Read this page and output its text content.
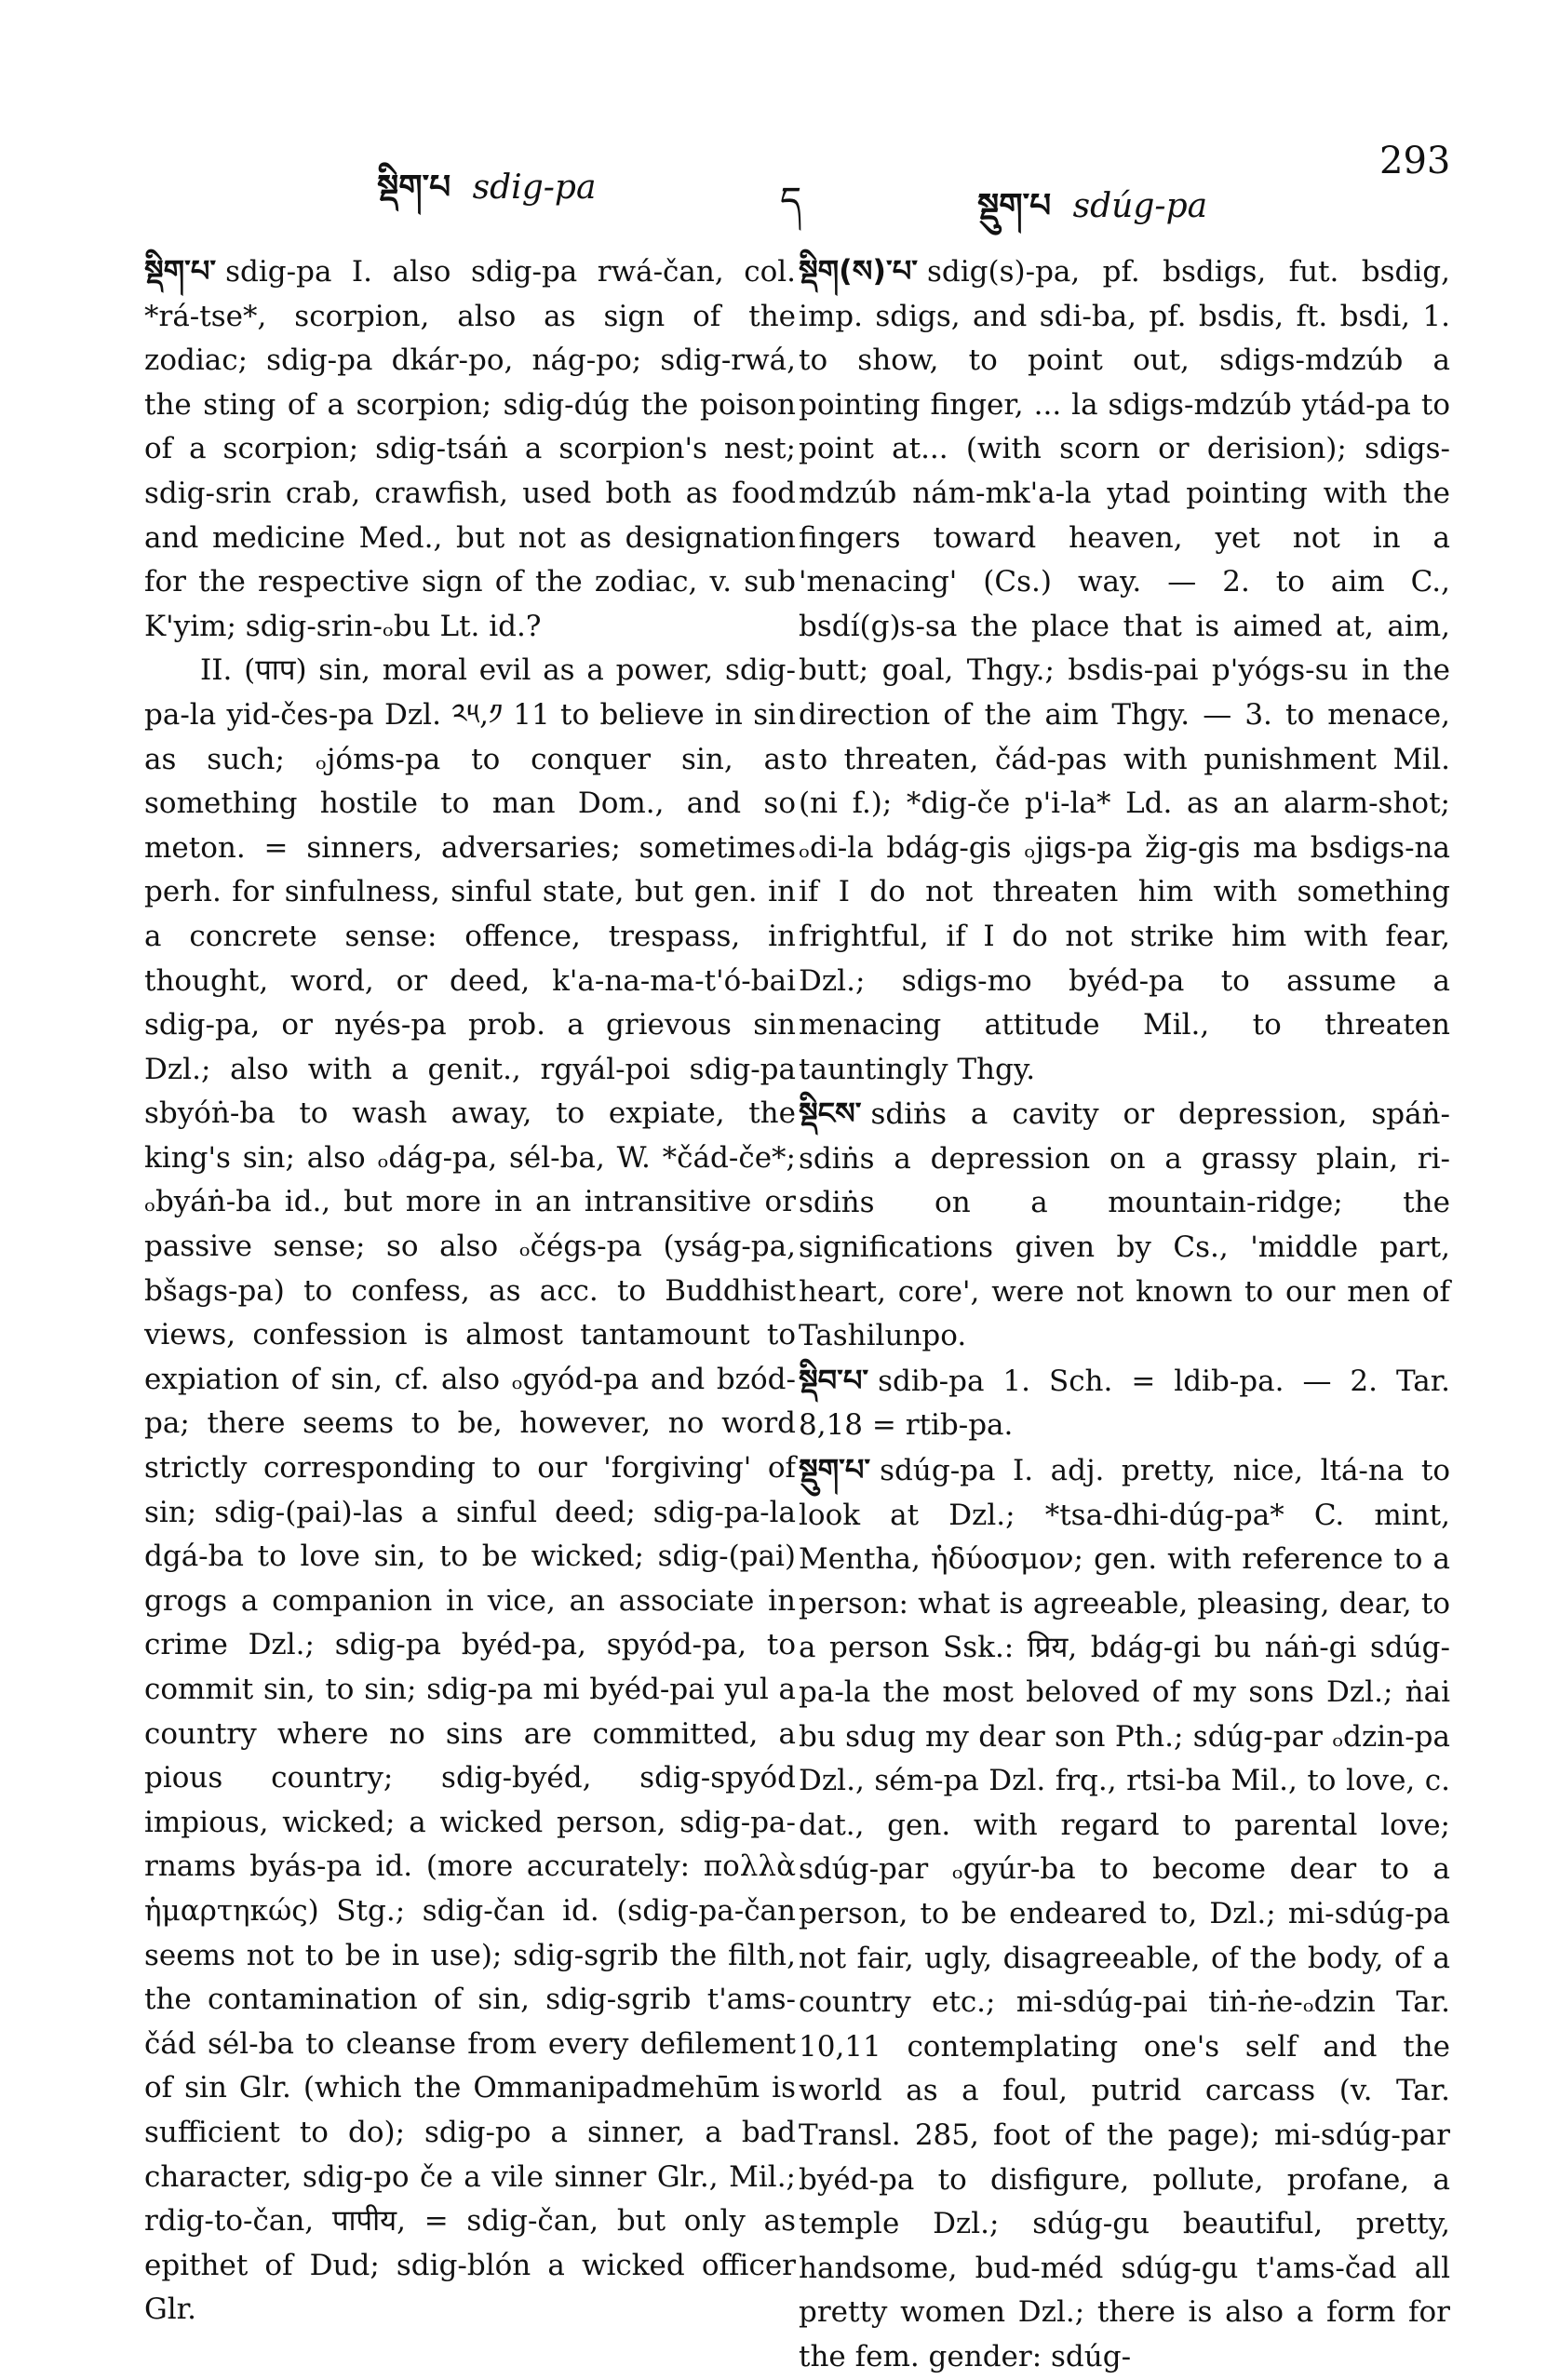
སྡིག་པ sdig-pa	ད	སྡུག་པ sdúg-pa
293

སྡིག་པ་ sdig-pa I. also sdig-pa rwá-čan, col. *rá-tse*, scorpion, also as sign of the zodiac; sdig-pa dkár-po, nág-po; sdig-rwá, the sting of a scorpion; sdig-dúg the poison of a scorpion; sdig-tsáṅ a scorpion's nest; sdig-srin crab, crawfish, used both as food and medicine Med., but not as designation for the respective sign of the zodiac, v. sub K'yim; sdig-srin-ₒbu Lt. id.?

II. (पाप) sin, moral evil as a power, sdig-pa-la yid-čes-pa Dzl. ༢༥,༡ 11 to believe in sin as such; ₒjóms-pa to conquer sin, as something hostile to man Dom., and so meton. = sinners, adversaries; sometimes perh. for sinfulness, sinful state, but gen. in a concrete sense: offence, trespass, in thought, word, or deed, k'a-na-ma-t'ó-bai sdig-pa, or nyés-pa prob. a grievous sin Dzl.; also with a genit., rgyál-poi sdig-pa sbyóṅ-ba to wash away, to expiate, the king's sin; also ₒdág-pa, sél-ba, W. *čád-če*; ₒbyáṅ-ba id., but more in an intransitive or passive sense; so also ₒčégs-pa (yság-pa, bšags-pa) to confess, as acc. to Buddhist views, confession is almost tantamount to expiation of sin, cf. also ₒgyód-pa and bzód-pa; there seems to be, however, no word strictly corresponding to our 'forgiving' of sin; sdig-(pai)-las a sinful deed; sdig-pa-la dgá-ba to love sin, to be wicked; sdig-(pai) grogs a companion in vice, an associate in crime Dzl.; sdig-pa byéd-pa, spyód-pa, to commit sin, to sin; sdig-pa mi byéd-pai yul a country where no sins are committed, a pious country; sdig-byéd, sdig-spyód impious, wicked; a wicked person, sdig-pa-rnams byás-pa id. (more accurately: πολλὰ ἡμαρτηκώς) Stg.; sdig-čan id. (sdig-pa-čan seems not to be in use); sdig-sgrib the filth, the contamination of sin, sdig-sgrib t'ams-čád sél-ba to cleanse from every defilement of sin Glr. (which the Ommanipadmehūm is sufficient to do); sdig-po a sinner, a bad character, sdig-po če a vile sinner Glr., Mil.; rdig-to-čan, पापीय, = sdig-čan, but only as epithet of Dud; sdig-blón a wicked officer Glr.

སྡིག(ས)་པ་ sdig(s)-pa, pf. bsdigs, fut. bsdig, imp. sdigs, and sdi-ba, pf. bsdis, ft. bsdi, 1. to show, to point out, sdigs-mdzúb a pointing finger, ... la sdigs-mdzúb ytád-pa to point at... (with scorn or derision); sdigs-mdzúb nám-mk'a-la ytad pointing with the fingers toward heaven, yet not in a 'menacing' (Cs.) way. — 2. to aim C., bsdí(g)s-sa the place that is aimed at, aim, butt; goal, Thgy.; bsdis-pai p'yógs-su in the direction of the aim Thgy. — 3. to menace, to threaten, čád-pas with punishment Mil. (ni f.); *dig-če p'i-la* Ld. as an alarm-shot; ₒdi-la bdág-gis ₒjigs-pa žig-gis ma bsdigs-na if I do not threaten him with something frightful, if I do not strike him with fear, Dzl.; sdigs-mo byéd-pa to assume a menacing attitude Mil., to threaten tauntingly Thgy.

སྡིངས་ sdiṅs a cavity or depression, spáṅ-sdiṅs a depression on a grassy plain, ri-sdiṅs on a mountain-ridge; the significations given by Cs., 'middle part, heart, core', were not known to our men of Tashilunpo.

སྡིབ་པ་ sdib-pa 1. Sch. = ldib-pa. — 2. Tar. 8,18 = rtib-pa.

སྡུག་པ་ sdúg-pa I. adj. pretty, nice, ltá-na to look at Dzl.; *tsa-dhi-dúg-pa* C. mint, Mentha, ἡδύοσμον; gen. with reference to a person: what is agreeable, pleasing, dear, to a person Ssk.: प्रिय, bdág-gi bu náṅ-gi sdúg-pa-la the most beloved of my sons Dzl.; ṅai bu sdug my dear son Pth.; sdúg-par ₒdzin-pa Dzl., sém-pa Dzl. frq., rtsi-ba Mil., to love, c. dat., gen. with regard to parental love; sdúg-par ₒgyúr-ba to become dear to a person, to be endeared to, Dzl.; mi-sdúg-pa not fair, ugly, disagreeable, of the body, of a country etc.; mi-sdúg-pai tiṅ-ṅe-ₒdzin Tar. 10,11 contemplating one's self and the world as a foul, putrid carcass (v. Tar. Transl. 285, foot of the page); mi-sdúg-par byéd-pa to disfigure, pollute, profane, a temple Dzl.; sdúg-gu beautiful, pretty, handsome, bud-méd sdúg-gu t'ams-čad all pretty women Dzl.; there is also a form for the fem. gender: sdúg-
